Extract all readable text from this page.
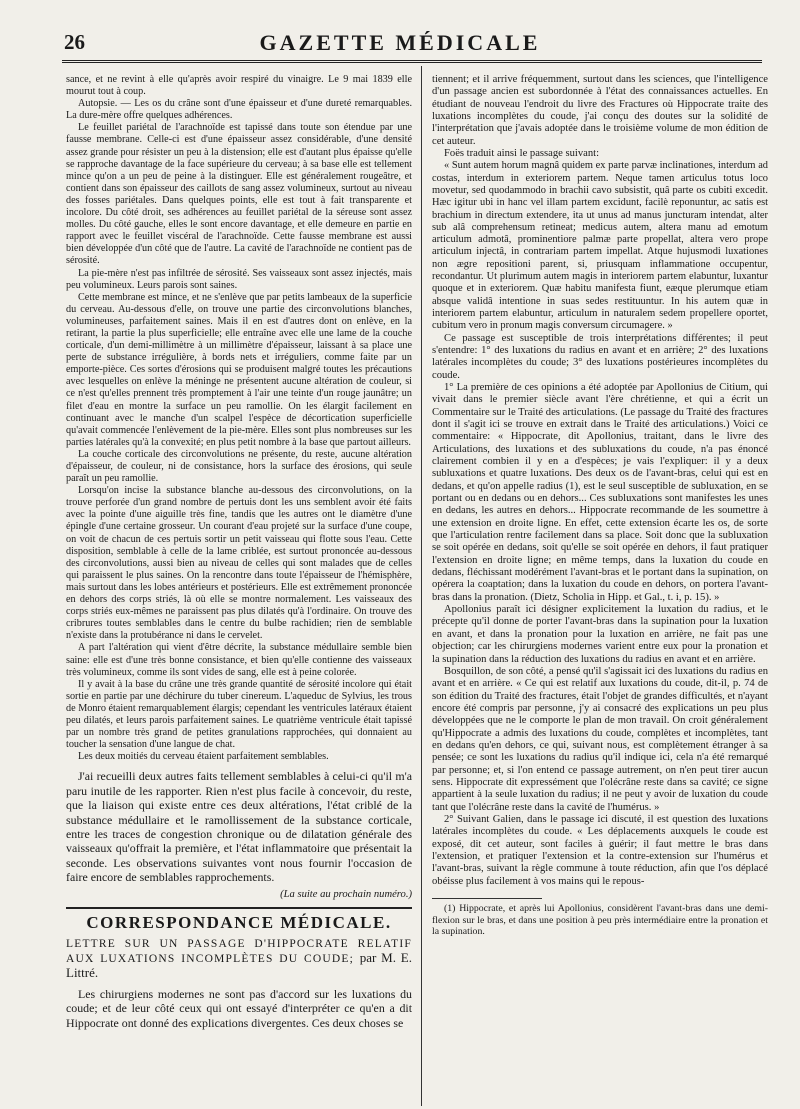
26	GAZETTE MÉDICALE

sance, et ne revint à elle qu'après avoir respiré du vinaigre. Le 9 mai 1839 elle mourut tout à coup.

Autopsie. — Les os du crâne sont d'une épaisseur et d'une dureté remarquables. La dure-mère offre quelques adhérences.

Le feuillet pariétal de l'arachnoïde est tapissé dans toute son étendue par une fausse membrane. Celle-ci est d'une épaisseur assez considérable, d'une densité assez grande pour résister un peu à la distension; elle est d'autant plus épaisse qu'elle se rapproche davantage de la face supérieure du cerveau; à sa base elle est tellement mince qu'on a un peu de peine à la distinguer. Elle est généralement rougeâtre, et contient dans son épaisseur des caillots de sang assez volumineux, surtout au niveau des fosses pariétales. Dans quelques points, elle est tout à fait transparente et incolore. Du côté droit, ses adhérences au feuillet pariétal de la séreuse sont assez molles. Du côté gauche, elles le sont encore davantage, et elle demeure en partie en rapport avec le feuillet viscéral de l'arachnoïde. Cette fausse membrane est aussi bien développée d'un côté que de l'autre. La cavité de l'arachnoïde ne contient pas de sérosité.

La pie-mère n'est pas infiltrée de sérosité. Ses vaisseaux sont assez injectés, mais peu volumineux. Leurs parois sont saines.

Cette membrane est mince, et ne s'enlève que par petits lambeaux de la superficie du cerveau. Au-dessous d'elle, on trouve une partie des circonvolutions blanches, volumineuses, parfaitement saines. Mais il en est d'autres dont on enlève, en la retirant, la partie la plus superficielle; elle entraîne avec elle une lame de la couche corticale, d'un demi-millimètre à un millimètre d'épaisseur, laissant à sa place une perte de substance irrégulière, à bords nets et irréguliers, comme faite par un emporte-pièce. Ces sortes d'érosions qui se produisent malgré toutes les précautions avec lesquelles on enlève la méninge ne présentent aucune altération de couleur, si ce n'est qu'elles prennent très promptement à l'air une teinte d'un rouge jaunâtre; un filet d'eau en montre la surface un peu ramollie. On les élargit facilement en continuant avec le manche d'un scalpel l'espèce de décortication superficielle qu'avait commencée l'enlèvement de la pie-mère. Elles sont plus nombreuses sur les parties latérales qu'à la convexité; en plus petit nombre à la base que partout ailleurs.

La couche corticale des circonvolutions ne présente, du reste, aucune altération d'épaisseur, de couleur, ni de consistance, hors la surface des érosions, qui seule paraît un peu ramollie.

Lorsqu'on incise la substance blanche au-dessous des circonvolutions, on la trouve perforée d'un grand nombre de pertuis dont les uns semblent avoir été faits avec la pointe d'une aiguille très fine, tandis que les autres ont le diamètre d'une épingle d'une certaine grosseur. Un courant d'eau projeté sur la surface d'une coupe, on voit de chacun de ces pertuis sortir un petit vaisseau qui flotte sous l'eau. Cette disposition, semblable à celle de la lame criblée, est surtout prononcée au-dessous des circonvolutions, aussi bien au niveau de celles qui sont malades que de celles qui paraissent le plus saines. On la rencontre dans toute l'épaisseur de l'hémisphère, mais surtout dans les lobes antérieurs et postérieurs. Elle est extrêmement prononcée en dehors des corps striés, là où elle se montre normalement. Les vaisseaux des corps striés eux-mêmes ne paraissent pas plus dilatés qu'à l'ordinaire. On trouve des cribrures toutes semblables dans le centre du bulbe rachidien; rien de semblable n'existe dans la protubérance ni dans le cervelet.

A part l'altération qui vient d'être décrite, la substance médullaire semble bien saine: elle est d'une très bonne consistance, et bien qu'elle contienne des vaisseaux très volumineux, comme ils sont vides de sang, elle est à peine colorée.

Il y avait à la base du crâne une très grande quantité de sérosité incolore qui était sortie en partie par une déchirure du tuber cinereum. L'aqueduc de Sylvius, les trous de Monro étaient remarquablement élargis; cependant les ventricules latéraux étaient peu dilatés, et leurs parois parfaitement saines. Le quatrième ventricule était tapissé par un nombre très grand de petites granulations rapprochées, qui donnaient au toucher la sensation d'une langue de chat.

Les deux moitiés du cerveau étaient parfaitement semblables.

J'ai recueilli deux autres faits tellement semblables à celui-ci qu'il m'a paru inutile de les rapporter. Rien n'est plus facile à concevoir, du reste, que la liaison qui existe entre ces deux altérations, l'état criblé de la substance médullaire et le ramollissement de la substance corticale, entre les traces de congestion chronique ou de dilatation générale des vaisseaux qu'offrait la première, et l'état inflammatoire que présentait la seconde. Les observations suivantes vont nous fournir l'occasion de faire encore de semblables rapprochements.

(La suite au prochain numéro.)

CORRESPONDANCE MÉDICALE.
LETTRE SUR UN PASSAGE D'HIPPOCRATE RELATIF AUX LUXATIONS INCOMPLÈTES DU COUDE; par M. E. Littré.

Les chirurgiens modernes ne sont pas d'accord sur les luxations du coude; et de leur côté ceux qui ont essayé d'interpréter ce qu'en a dit Hippocrate ont donné des explications divergentes. Ces deux choses se

tiennent; et il arrive fréquemment, surtout dans les sciences, que l'intelligence d'un passage ancien est subordonnée à l'état des connaissances actuelles. En étudiant de nouveau l'endroit du livre des Fractures où Hippocrate traite des luxations incomplètes du coude, j'ai conçu des doutes sur la solidité de l'interprétation que j'avais adoptée dans le troisième volume de mon édition de cet auteur.

Foës traduit ainsi le passage suivant:

« Sunt autem horum magnâ quidem ex parte parvæ inclinationes, interdum ad costas, interdum in exteriorem partem. Neque tamen articulus totus loco movetur, sed quodammodo in brachii cavo subsistit, quâ parte os cubiti excedit. Hæc igitur ubi in hanc vel illam partem excidunt, facilè reponuntur, ac satis est brachium in directum extendere, ita ut unus ad manus juncturam intendat, alter sub alâ comprehensum retineat; medicus autem, altera manu ad emotum articulum admotâ, prominentiore palmæ parte propellat, altera vero prope articulum injectâ, in contrariam partem impellat. Atque hujusmodi luxationes non ægre repositioni parent, si, priusquam inflammatione occupentur, recondantur. Ut plurimum autem magis in interiorem partem elabuntur, luxantur quoque et in exteriorem. Quæ habitu manifesta fiunt, eæque plerumque etiam absque validâ intentione in suas sedes restituuntur. In his autem quæ in interiorem partem elabuntur, articulum in naturalem sedem propellere oportet, cubitum vero in pronum magis conversum circumagere. »

Ce passage est susceptible de trois interprétations différentes; il peut s'entendre: 1° des luxations du radius en avant et en arrière; 2° des luxations latérales incomplètes du coude; 3° des luxations postérieures incomplètes du coude.

1° La première de ces opinions a été adoptée par Apollonius de Citium, qui vivait dans le premier siècle avant l'ère chrétienne, et qui a écrit un Commentaire sur le Traité des articulations. (Le passage du Traité des fractures dont il s'agit ici se trouve en extrait dans le Traité des articulations.) Voici ce commentaire: « Hippocrate, dit Apollonius, traitant, dans le livre des Articulations, des luxations et des subluxations du coude, n'a pas énoncé clairement combien il y en a d'espèces; je vais l'expliquer: il y a deux subluxations et quatre luxations. Des deux os de l'avant-bras, celui qui est en dedans, et qu'on appelle radius (1), est le seul susceptible de subluxation, en se portant ou en dedans ou en dehors... Ces subluxations sont manifestes les unes en dedans, les autres en dehors... Hippocrate recommande de les soumettre à une extension en droite ligne. En effet, cette extension écarte les os, de sorte que l'articulation rentre facilement dans sa place. Soit donc que la subluxation se soit opérée en dedans, soit qu'elle se soit opérée en dehors, il faut pratiquer l'extension en droite ligne; en même temps, dans la luxation du coude en dedans, fléchissant modérément l'avant-bras et le portant dans la supination, on opérera la coaptation; dans la luxation du coude en dehors, on portera l'avant-bras dans la pronation. (Dietz, Scholia in Hipp. et Gal., t. i, p. 15). »

Apollonius paraît ici désigner explicitement la luxation du radius, et le précepte qu'il donne de porter l'avant-bras dans la supination pour la luxation en avant, et dans la pronation pour la luxation en arrière, ne fait pas une objection; car les chirurgiens modernes varient entre eux pour la pronation et la supination dans la réduction des luxations du radius en avant et en arrière.

Bosquillon, de son côté, a pensé qu'il s'agissait ici des luxations du radius en avant et en arrière. « Ce qui est relatif aux luxations du coude, dit-il, p. 74 de son édition du Traité des fractures, était l'objet de grandes difficultés, et n'ayant encore été compris par personne, j'y ai consacré des explications un peu plus développées que ne le comporte le plan de mon travail. On croit généralement qu'Hippocrate a admis des luxations du coude, complètes et incomplètes, tant en dedans qu'en dehors, ce qui, suivant nous, est complètement étranger à sa pensée; ce sont les luxations du radius qu'il indique ici, cela n'a été remarqué par personne; et, si l'on entend ce passage autrement, on n'en peut tirer aucun sens. Hippocrate dit expressément que l'olécrâne reste dans sa cavité; ce signe appartient à la seule luxation du radius; il ne peut y avoir de luxation du coude tant que l'olécrâne reste dans la cavité de l'humérus. »

2° Suivant Galien, dans le passage ici discuté, il est question des luxations latérales incomplètes du coude. « Les déplacements auxquels le coude est exposé, dit cet auteur, sont faciles à guérir; il faut mettre le bras dans l'extension, et pratiquer l'extension et la contre-extension sur l'humérus et l'avant-bras, suivant la règle commune à toute réduction, afin que l'os déplacé obéisse plus facilement à vos mains qui le repous-

(1) Hippocrate, et après lui Apollonius, considèrent l'avant-bras dans une demi-flexion sur le bras, et dans une position à peu près intermédiaire entre la pronation et la supination.
